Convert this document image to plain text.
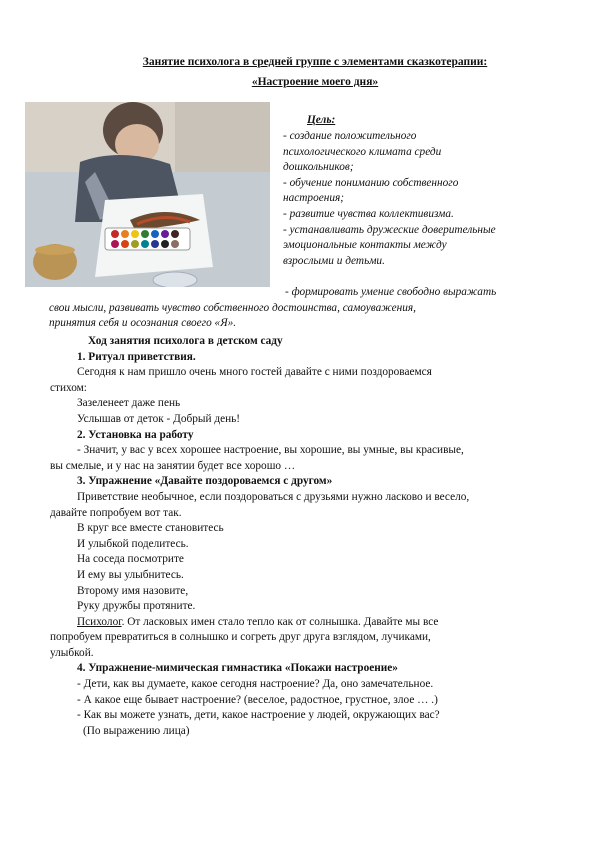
Занятие психолога в средней группе с элементами сказкотерапии:
«Настроение моего дня»
Цель:
- создание положительного
психологического климата среди
дошкольников;
- обучение пониманию собственного
настроения;
- развитие чувства коллективизма.
- устанавливать дружеские доверительные
эмоциональные контакты между
взрослыми и детьми.
- формировать умение свободно выражать
свои мысли, развивать чувство собственного достоинства, самоуважения,
принятия себя и осознания своего «Я».

Ход занятия психолога в детском саду

1. Ритуал приветствия.

Сегодня к нам пришло очень много гостей давайте с ними поздороваемся

стихом:

Зазеленеет даже пень

Услышав от деток - Добрый день!

2. Установка на работу

- Значит, у вас у всех хорошее настроение, вы хорошие, вы умные, вы красивые,

вы смелые, и у нас на занятии будет все хорошо …

3. Упражнение «Давайте поздороваемся с другом»

Приветствие необычное, если поздороваться с друзьями нужно ласково и весело,

давайте попробуем вот так.

В круг все вместе становитесь

И улыбкой поделитесь.

На соседа посмотрите

И ему вы улыбнитесь.

Второму имя назовите,

Руку дружбы протяните.

Психолог. От ласковых имен стало тепло как от солнышка. Давайте мы все

попробуем превратиться в солнышко и согреть друг друга взглядом, лучиками,

улыбкой.

4. Упражнение-мимическая гимнастика «Покажи настроение»

- Дети, как вы думаете, какое сегодня настроение? Да, оно замечательное.

- А какое еще бывает настроение? (веселое, радостное, грустное, злое … .)

- Как вы можете узнать, дети, какое настроение у людей, окружающих вас?

(По выражению лица)
